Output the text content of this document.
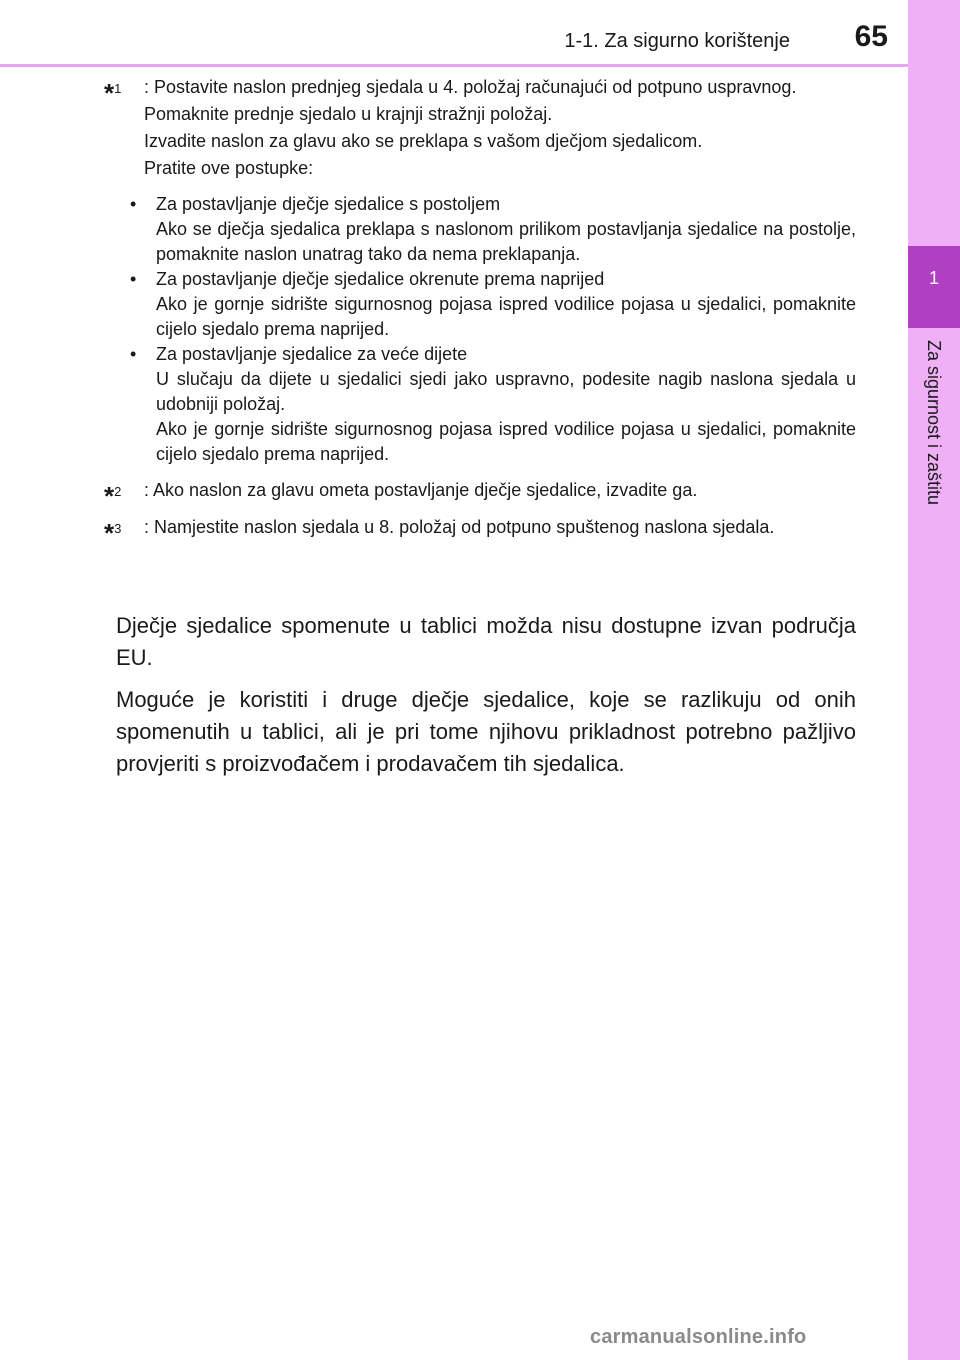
1-1. Za sigurno korištenje 65
1
Za sigurnost i zaštitu
*1 : Postavite naslon prednjeg sjedala u 4. položaj računajući od potpuno uspravnog.
Pomaknite prednje sjedalo u krajnji stražnji položaj.
Izvadite naslon za glavu ako se preklapa s vašom dječjom sjedalicom.
Pratite ove postupke:
• Za postavljanje dječje sjedalice s postoljem
Ako se dječja sjedalica preklapa s naslonom prilikom postavljanja sjedalice na postolje, pomaknite naslon unatrag tako da nema preklapanja.
• Za postavljanje dječje sjedalice okrenute prema naprijed
Ako je gornje sidrište sigurnosnog pojasa ispred vodilice pojasa u sjedalici, pomaknite cijelo sjedalo prema naprijed.
• Za postavljanje sjedalice za veće dijete
U slučaju da dijete u sjedalici sjedi jako uspravno, podesite nagib naslona sjedala u udobniji položaj.
Ako je gornje sidrište sigurnosnog pojasa ispred vodilice pojasa u sjedalici, pomaknite cijelo sjedalo prema naprijed.
*2 : Ako naslon za glavu ometa postavljanje dječje sjedalice, izvadite ga.
*3 : Namjestite naslon sjedala u 8. položaj od potpuno spuštenog naslona sjedala.

Dječje sjedalice spomenute u tablici možda nisu dostupne izvan područja EU.

Moguće je koristiti i druge dječje sjedalice, koje se razlikuju od onih spomenutih u tablici, ali je pri tome njihovu prikladnost potrebno pažljivo provjeriti s proizvođačem i prodavačem tih sjedalica.

carmanualsonline.info
